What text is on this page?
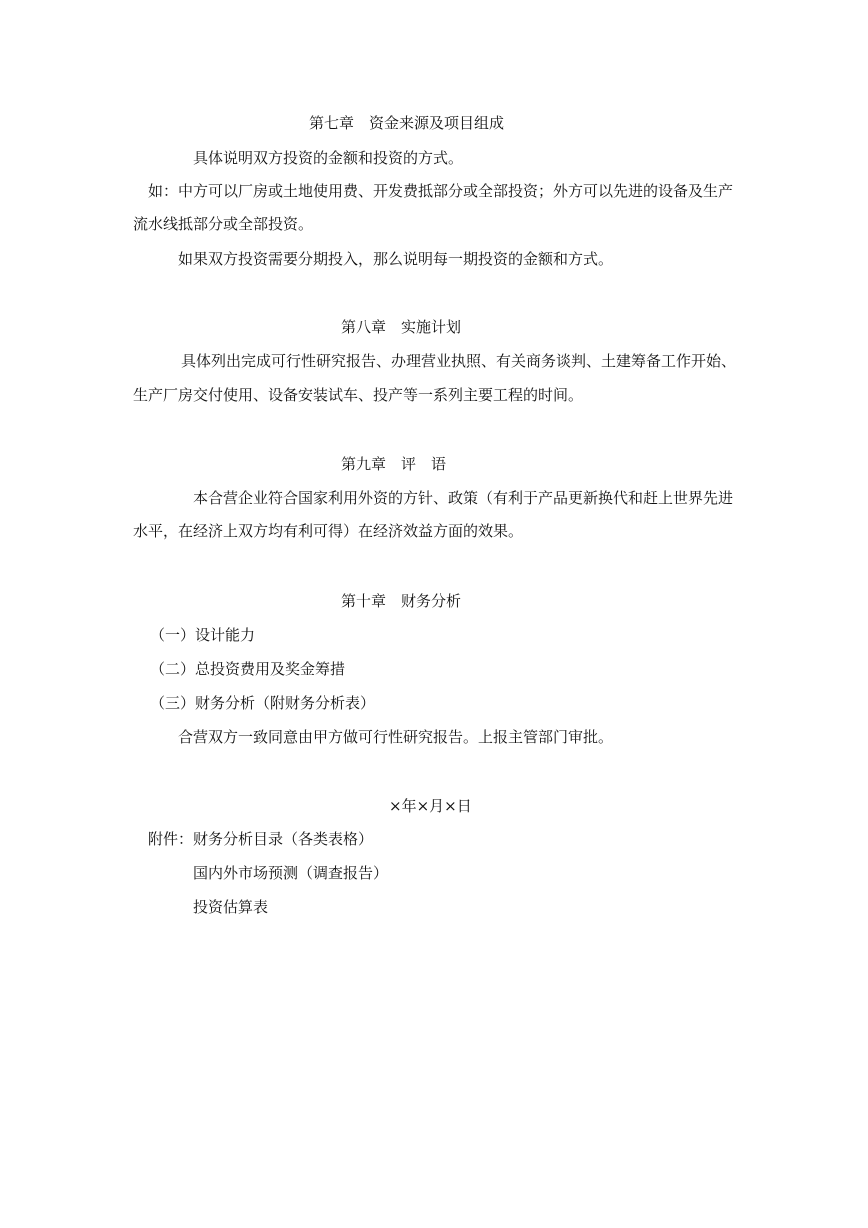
第七章　资金来源及项目组成
具体说明双方投资的金额和投资的方式。
如：中方可以厂房或土地使用费、开发费抵部分或全部投资；外方可以先进的设备及生产
流水线抵部分或全部投资。
如果双方投资需要分期投入，那么说明每一期投资的金额和方式。
第八章　实施计划
具体列出完成可行性研究报告、办理营业执照、有关商务谈判、土建筹备工作开始、
生产厂房交付使用、设备安装试车、投产等一系列主要工程的时间。
第九章　评　语
本合营企业符合国家利用外资的方针、政策（有利于产品更新换代和赶上世界先进
水平，在经济上双方均有利可得）在经济效益方面的效果。
第十章　财务分析
（一）设计能力
（二）总投资费用及奖金筹措
（三）财务分析（附财务分析表）
合营双方一致同意由甲方做可行性研究报告。上报主管部门审批。
×年×月×日
附件：财务分析目录（各类表格）
国内外市场预测（调查报告）
投资估算表
